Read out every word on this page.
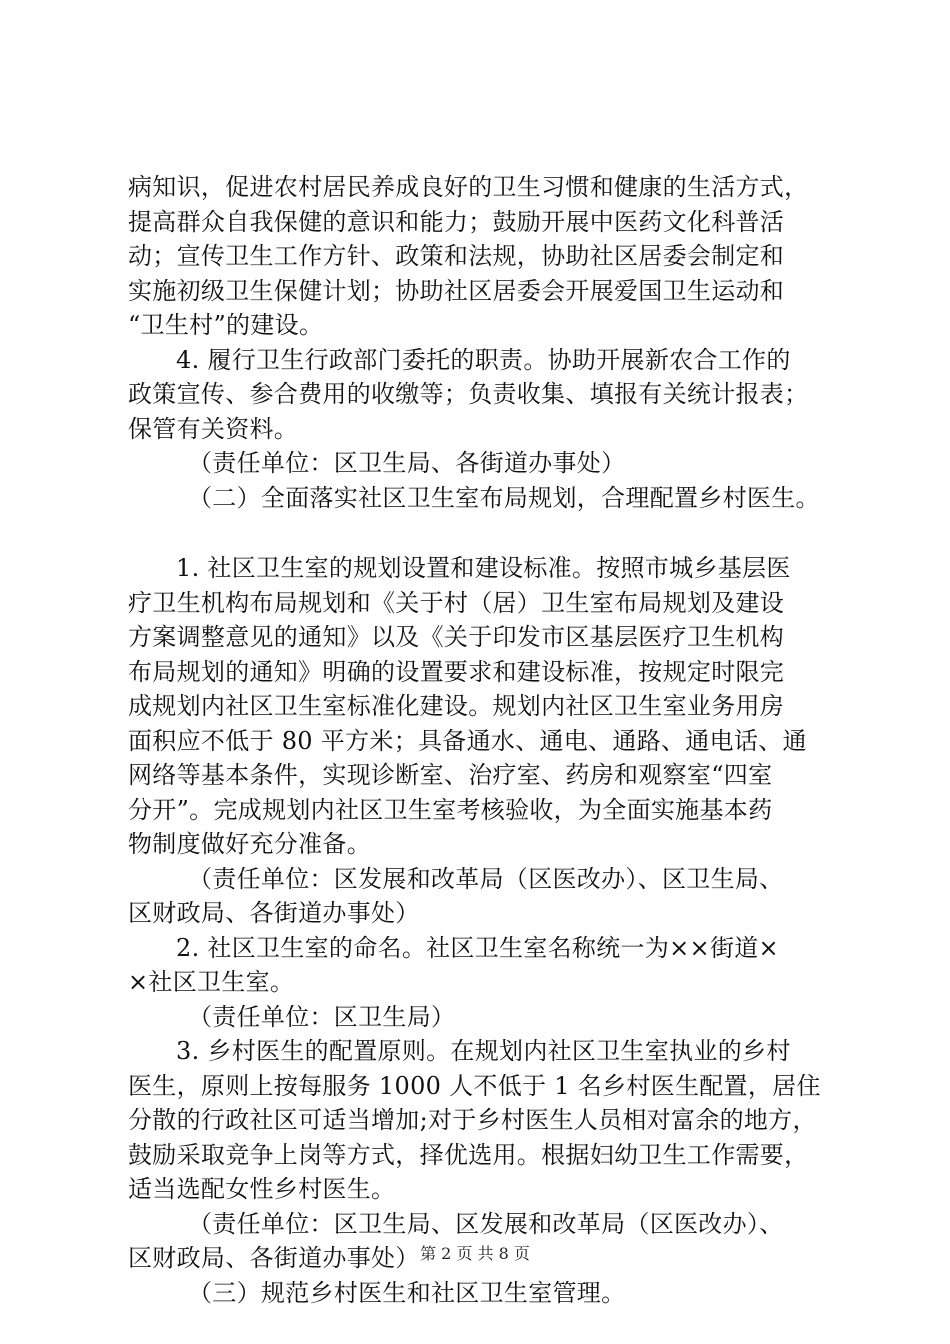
病知识，促进农村居民养成良好的卫生习惯和健康的生活方式，
提高群众自我保健的意识和能力；鼓励开展中医药文化科普活
动；宣传卫生工作方针、政策和法规，协助社区居委会制定和
实施初级卫生保健计划；协助社区居委会开展爱国卫生运动和
“卫生村”的建设。
4. 履行卫生行政部门委托的职责。协助开展新农合工作的
政策宣传、参合费用的收缴等；负责收集、填报有关统计报表；
保管有关资料。
（责任单位：区卫生局、各街道办事处）
（二）全面落实社区卫生室布局规划，合理配置乡村医生。
1. 社区卫生室的规划设置和建设标准。按照市城乡基层医
疗卫生机构布局规划和《关于村（居）卫生室布局规划及建设
方案调整意见的通知》以及《关于印发市区基层医疗卫生机构
布局规划的通知》明确的设置要求和建设标准，按规定时限完
成规划内社区卫生室标准化建设。规划内社区卫生室业务用房
面积应不低于 80 平方米；具备通水、通电、通路、通电话、通
网络等基本条件，实现诊断室、治疗室、药房和观察室“四室
分开”。完成规划内社区卫生室考核验收，为全面实施基本药
物制度做好充分准备。
（责任单位：区发展和改革局（区医改办）、区卫生局、
区财政局、各街道办事处）
2. 社区卫生室的命名。社区卫生室名称统一为××街道×
×社区卫生室。
（责任单位：区卫生局）
3. 乡村医生的配置原则。在规划内社区卫生室执业的乡村
医生，原则上按每服务 1000 人不低于 1 名乡村医生配置，居住
分散的行政社区可适当增加;对于乡村医生人员相对富余的地方，
鼓励采取竞争上岗等方式，择优选用。根据妇幼卫生工作需要，
适当选配女性乡村医生。
（责任单位：区卫生局、区发展和改革局（区医改办）、
区财政局、各街道办事处）
（三）规范乡村医生和社区卫生室管理。
第 2 页 共 8 页
